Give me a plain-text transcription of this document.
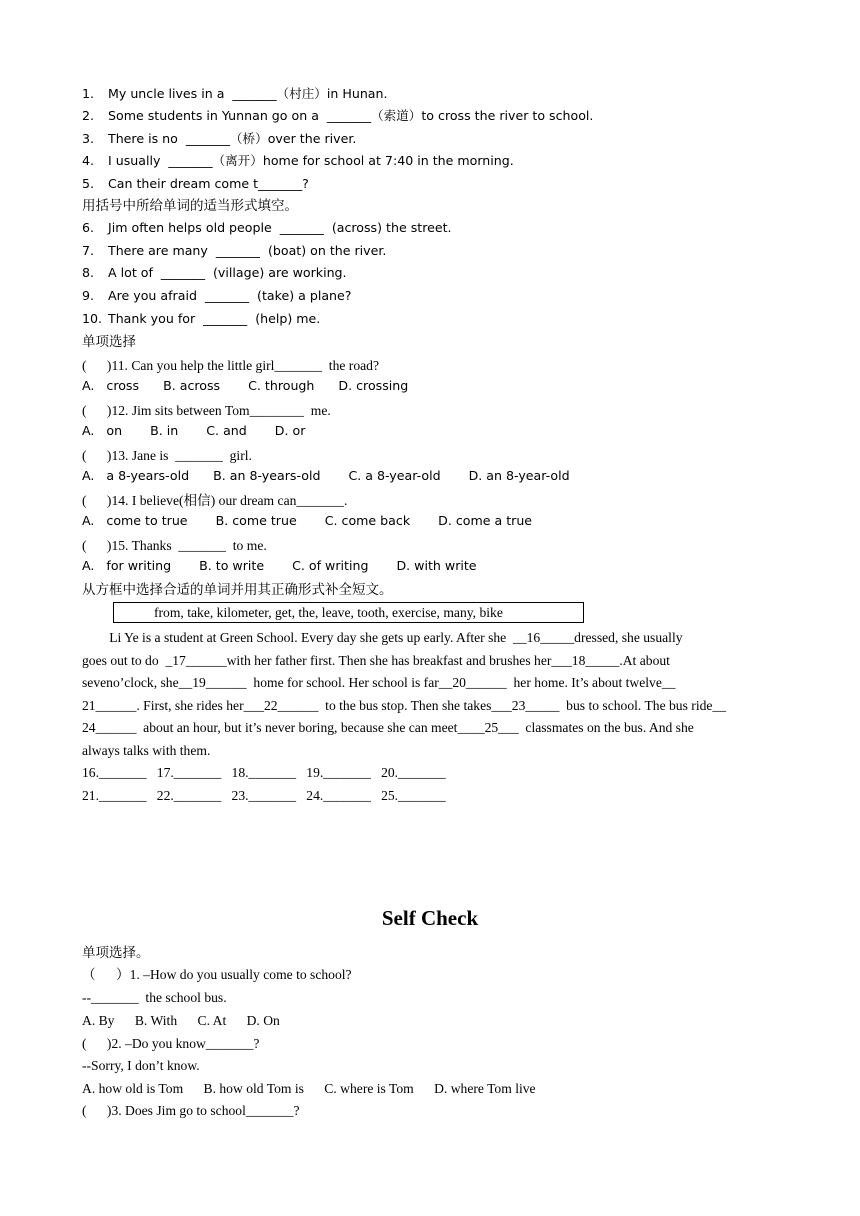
1. My uncle lives in a  _______（村庄）in Hunan.
2. Some students in Yunnan go on a  _______（索道）to cross the river to school.
3. There is no  _______（桥）over the river.
4. I usually  _______（离开）home for school at 7:40 in the morning.
5. Can their dream come t_______?
用括号中所给单词的适当形式填空。
6. Jim often helps old people  _______  (across) the street.
7. There are many  _______  (boat) on the river.
8. A lot of  _______  (village) are working.
9. Are you afraid  _______  (take) a plane?
10. Thank you for  _______  (help) me.
单项选择
(      )11. Can you help the little girl_______  the road?
A.   cross      B. across       C. through      D. crossing
(      )12. Jim sits between Tom________  me.
A.   on       B. in       C. and       D. or
(      )13. Jane is  _______  girl.
A.   a 8-years-old      B. an 8-years-old       C. a 8-year-old       D. an 8-year-old
(      )14. I believe(相信) our dream can_______.
A.   come to true       B. come true       C. come back       D. come a true
(      )15. Thanks  _______  to me.
A.   for writing       B. to write       C. of writing       D. with write
从方框中选择合适的单词并用其正确形式补全短文。
from, take, kilometer, get, the, leave, tooth, exercise, many, bike
Li Ye is a student at Green School. Every day she gets up early. After she  __16_____dressed, she usually
goes out to do  _17______with her father first. Then she has breakfast and brushes her___18_____.At about
seveno’clock, she__19______  home for school. Her school is far__20______  her home. It’s about twelve__
21______. First, she rides her___22______  to the bus stop. Then she takes___23_____  bus to school. The bus ride__
24______  about an hour, but it’s never boring, because she can meet____25___  classmates on the bus. And she
always talks with them.
16._______   17._______   18._______   19._______   20._______
21._______   22._______   23._______   24._______   25._______
Self Check
单项选择。
（      ）1. –How do you usually come to school?
--_______  the school bus.
A. By      B. With      C. At      D. On
(      )2. –Do you know_______?
--Sorry, I don’t know.
A. how old is Tom      B. how old Tom is      C. where is Tom      D. where Tom live
(      )3. Does Jim go to school_______?
